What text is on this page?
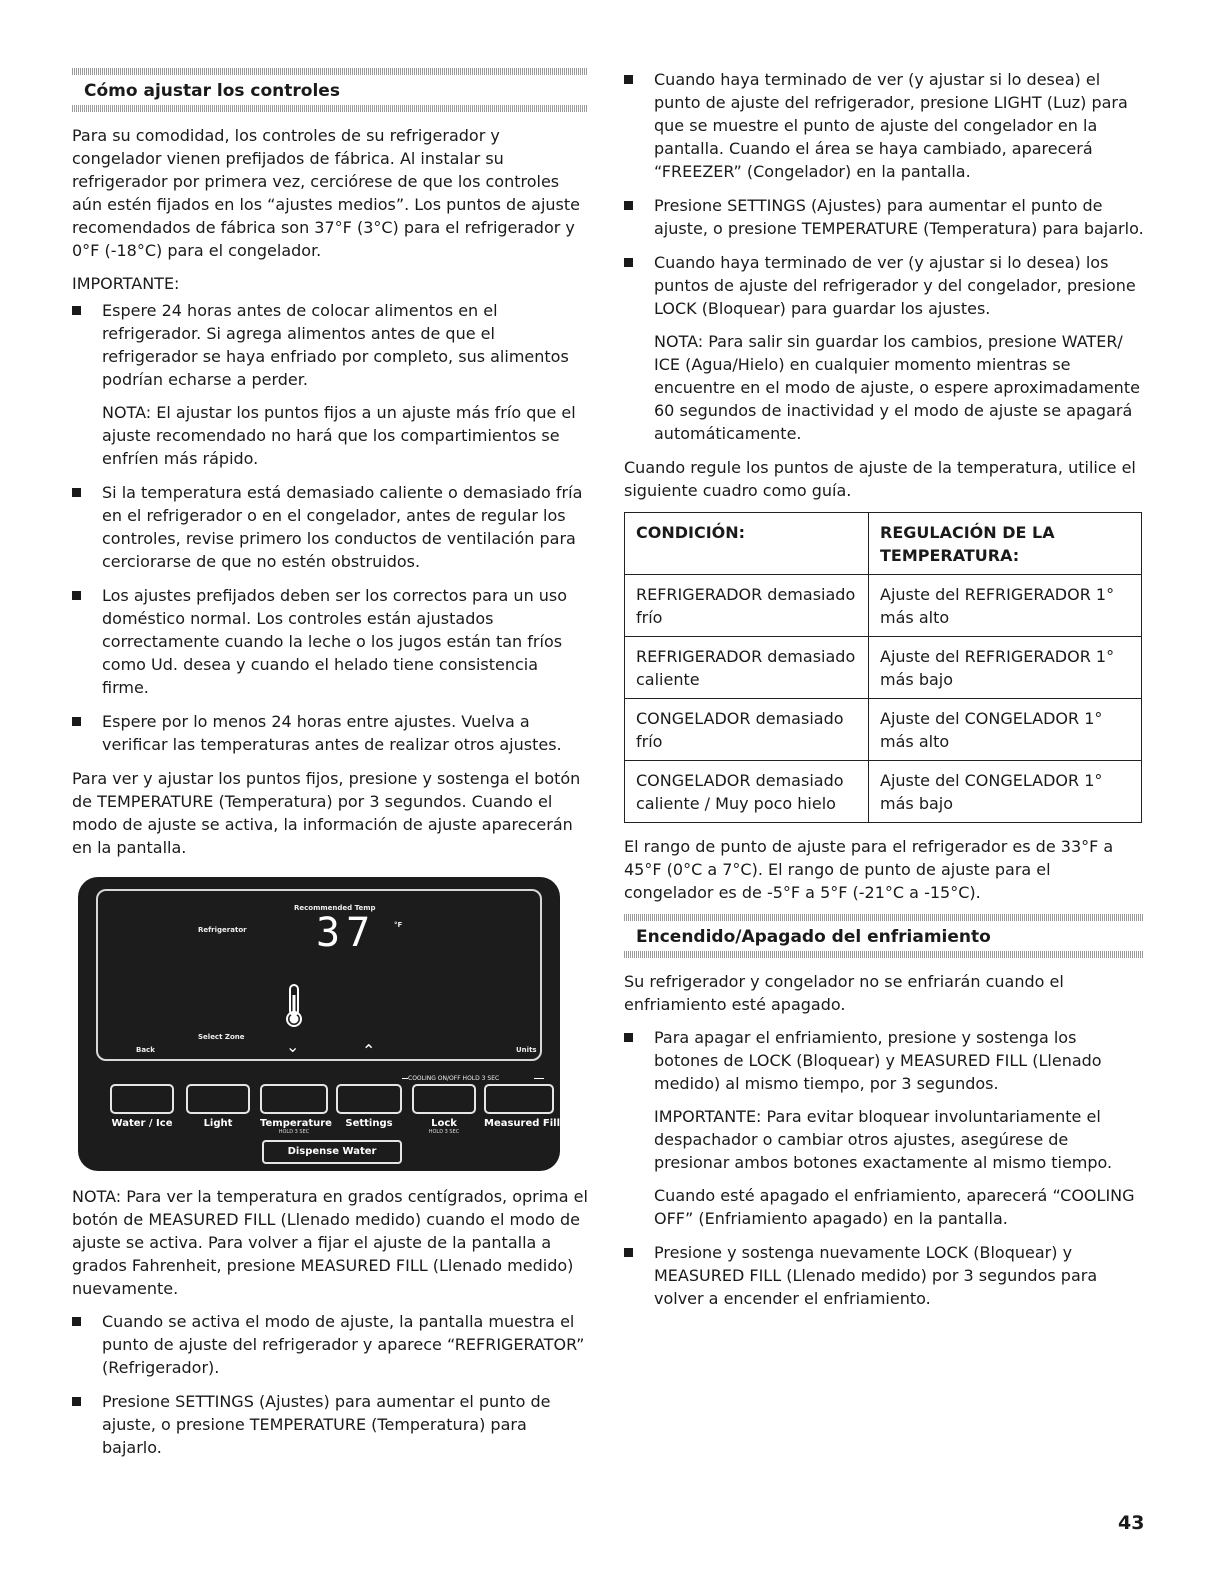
Cómo ajustar los controles

Para su comodidad, los controles de su refrigerador y congelador vienen prefijados de fábrica. Al instalar su refrigerador por primera vez, cerciórese de que los controles aún estén fijados en los “ajustes medios”. Los puntos de ajuste recomendados de fábrica son 37°F (3°C) para el refrigerador y 0°F (-18°C) para el congelador.

IMPORTANTE:

Espere 24 horas antes de colocar alimentos en el refrigerador. Si agrega alimentos antes de que el refrigerador se haya enfriado por completo, sus alimentos podrían echarse a perder.

NOTA: El ajustar los puntos fijos a un ajuste más frío que el ajuste recomendado no hará que los compartimientos se enfríen más rápido.

Si la temperatura está demasiado caliente o demasiado fría en el refrigerador o en el congelador, antes de regular los controles, revise primero los conductos de ventilación para cerciorarse de que no estén obstruidos.
Los ajustes prefijados deben ser los correctos para un uso doméstico normal. Los controles están ajustados correctamente cuando la leche o los jugos están tan fríos como Ud. desea y cuando el helado tiene consistencia firme.
Espere por lo menos 24 horas entre ajustes. Vuelva a verificar las temperaturas antes de realizar otros ajustes.

Para ver y ajustar los puntos fijos, presione y sostenga el botón de TEMPERATURE (Temperatura) por 3 segundos. Cuando el modo de ajuste se activa, la información de ajuste aparecerán en la pantalla.

Recommended Temp
Refrigerator 37	°F
Select Zone
Back	Units
⌄	⌃
COOLING ON/OFF HOLD 3 SEC
Water / Ice	Light	Temperature	Settings	Lock	Measured Fill
HOLD 3 SEC	HOLD 3 SEC
Dispense Water

NOTA: Para ver la temperatura en grados centígrados, oprima el botón de MEASURED FILL (Llenado medido) cuando el modo de ajuste se activa. Para volver a fijar el ajuste de la pantalla a grados Fahrenheit, presione MEASURED FILL (Llenado medido) nuevamente.

Cuando se activa el modo de ajuste, la pantalla muestra el punto de ajuste del refrigerador y aparece “REFRIGERATOR” (Refrigerador).
Presione SETTINGS (Ajustes) para aumentar el punto de ajuste, o presione TEMPERATURE (Temperatura) para bajarlo.
Cuando haya terminado de ver (y ajustar si lo desea) el punto de ajuste del refrigerador, presione LIGHT (Luz) para que se muestre el punto de ajuste del congelador en la pantalla. Cuando el área se haya cambiado, aparecerá “FREEZER” (Congelador) en la pantalla.
Presione SETTINGS (Ajustes) para aumentar el punto de ajuste, o presione TEMPERATURE (Temperatura) para bajarlo.
Cuando haya terminado de ver (y ajustar si lo desea) los puntos de ajuste del refrigerador y del congelador, presione LOCK (Bloquear) para guardar los ajustes.

NOTA: Para salir sin guardar los cambios, presione WATER/ ICE (Agua/Hielo) en cualquier momento mientras se encuentre en el modo de ajuste, o espere aproximadamente 60 segundos de inactividad y el modo de ajuste se apagará automáticamente.

Cuando regule los puntos de ajuste de la temperatura, utilice el siguiente cuadro como guía.

CONDICIÓN:	REGULACIÓN DE LA TEMPERATURA:
REFRIGERADOR demasiado frío	Ajuste del REFRIGERADOR 1° más alto
REFRIGERADOR demasiado caliente	Ajuste del REFRIGERADOR 1° más bajo
CONGELADOR demasiado frío	Ajuste del CONGELADOR 1° más alto
CONGELADOR demasiado caliente / Muy poco hielo	Ajuste del CONGELADOR 1° más bajo

El rango de punto de ajuste para el refrigerador es de 33°F a 45°F (0°C a 7°C). El rango de punto de ajuste para el congelador es de -5°F a 5°F (-21°C a -15°C).

Encendido/Apagado del enfriamiento

Su refrigerador y congelador no se enfriarán cuando el enfriamiento esté apagado.

Para apagar el enfriamiento, presione y sostenga los botones de LOCK (Bloquear) y MEASURED FILL (Llenado medido) al mismo tiempo, por 3 segundos.

IMPORTANTE: Para evitar bloquear involuntariamente el despachador o cambiar otros ajustes, asegúrese de presionar ambos botones exactamente al mismo tiempo.

Cuando esté apagado el enfriamiento, aparecerá “COOLING OFF” (Enfriamiento apagado) en la pantalla.

Presione y sostenga nuevamente LOCK (Bloquear) y MEASURED FILL (Llenado medido) por 3 segundos para volver a encender el enfriamiento.
43
